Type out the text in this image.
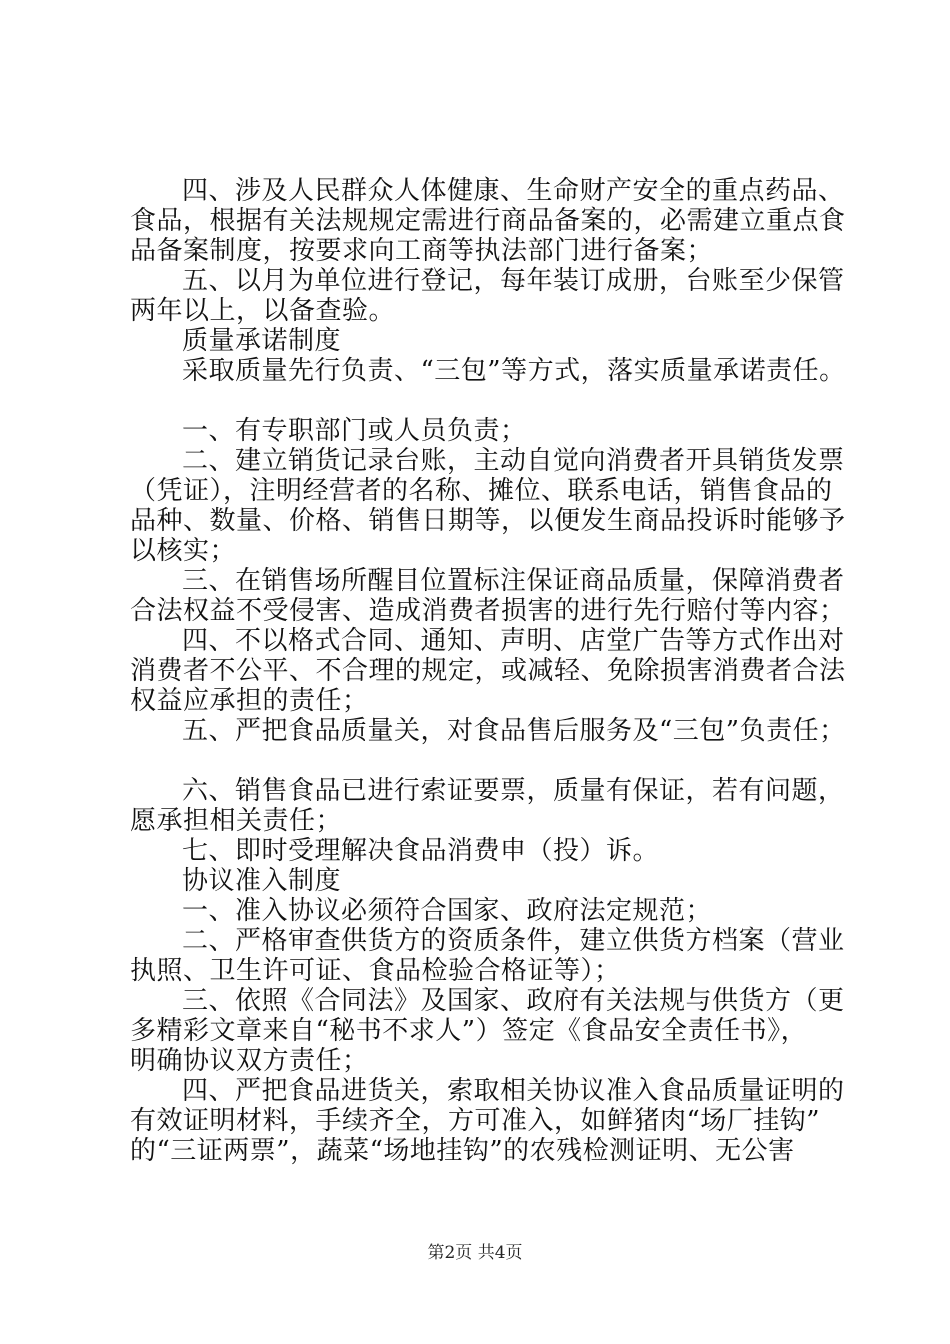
四、涉及人民群众人体健康、生命财产安全的重点药品、
食品，根据有关法规规定需进行商品备案的，必需建立重点食
品备案制度，按要求向工商等执法部门进行备案；
五、以月为单位进行登记，每年装订成册，台账至少保管
两年以上，以备查验。
质量承诺制度
采取质量先行负责、“三包”等方式，落实质量承诺责任。
一、有专职部门或人员负责；
二、建立销货记录台账，主动自觉向消费者开具销货发票
（凭证），注明经营者的名称、摊位、联系电话，销售食品的
品种、数量、价格、销售日期等，以便发生商品投诉时能够予
以核实；
三、在销售场所醒目位置标注保证商品质量，保障消费者
合法权益不受侵害、造成消费者损害的进行先行赔付等内容；
四、不以格式合同、通知、声明、店堂广告等方式作出对
消费者不公平、不合理的规定，或减轻、免除损害消费者合法
权益应承担的责任；
五、严把食品质量关，对食品售后服务及“三包”负责任；
六、销售食品已进行索证要票，质量有保证，若有问题，
愿承担相关责任；
七、即时受理解决食品消费申（投）诉。
协议准入制度
一、准入协议必须符合国家、政府法定规范；
二、严格审查供货方的资质条件，建立供货方档案（营业
执照、卫生许可证、食品检验合格证等）；
三、依照《合同法》及国家、政府有关法规与供货方（更
多精彩文章来自“秘书不求人”）签定《食品安全责任书》，
明确协议双方责任；
四、严把食品进货关，索取相关协议准入食品质量证明的
有效证明材料，手续齐全，方可准入，如鲜猪肉“场厂挂钩”
的“三证两票”，蔬菜“场地挂钩”的农残检测证明、无公害
第2页 共4页
